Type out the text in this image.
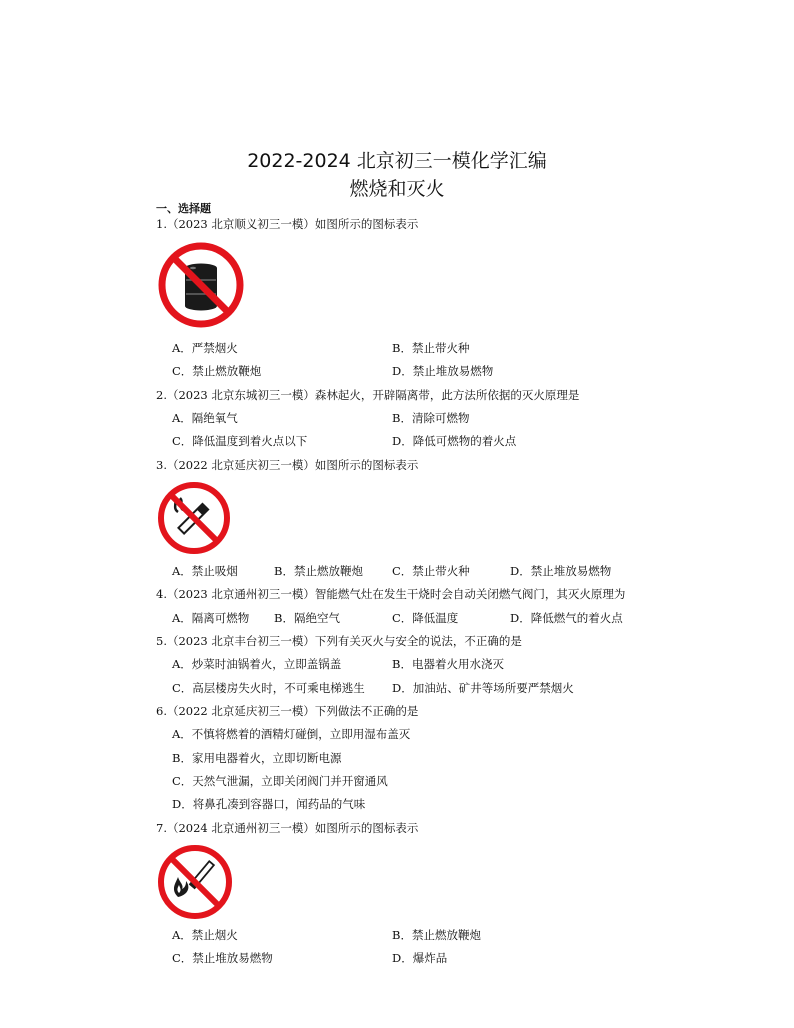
2022-2024 北京初三一模化学汇编
燃烧和灭火
一、选择题
1.（2023 北京顺义初三一模）如图所示的图标表示
A．严禁烟火	B．禁止带火种
C．禁止燃放鞭炮	D．禁止堆放易燃物
2.（2023 北京东城初三一模）森林起火，开辟隔离带，此方法所依据的灭火原理是
A．隔绝氧气	B．清除可燃物
C．降低温度到着火点以下	D．降低可燃物的着火点
3.（2022 北京延庆初三一模）如图所示的图标表示
A．禁止吸烟	B．禁止燃放鞭炮	C．禁止带火种	D．禁止堆放易燃物
4.（2023 北京通州初三一模）智能燃气灶在发生干烧时会自动关闭燃气阀门，其灭火原理为
A．隔离可燃物 B．隔绝空气	C．降低温度	D．降低燃气的着火点
5.（2023 北京丰台初三一模）下列有关灭火与安全的说法，不正确的是
A．炒菜时油锅着火，立即盖锅盖	B．电器着火用水浇灭
C．高层楼房失火时，不可乘电梯逃生 D．加油站、矿井等场所要严禁烟火
6.（2022 北京延庆初三一模）下列做法不正确的是
A．不慎将燃着的酒精灯碰倒，立即用湿布盖灭
B．家用电器着火，立即切断电源
C．天然气泄漏，立即关闭阀门并开窗通风
D．将鼻孔凑到容器口，闻药品的气味
7.（2024 北京通州初三一模）如图所示的图标表示
A．禁止烟火	B．禁止燃放鞭炮
C．禁止堆放易燃物	D．爆炸品
